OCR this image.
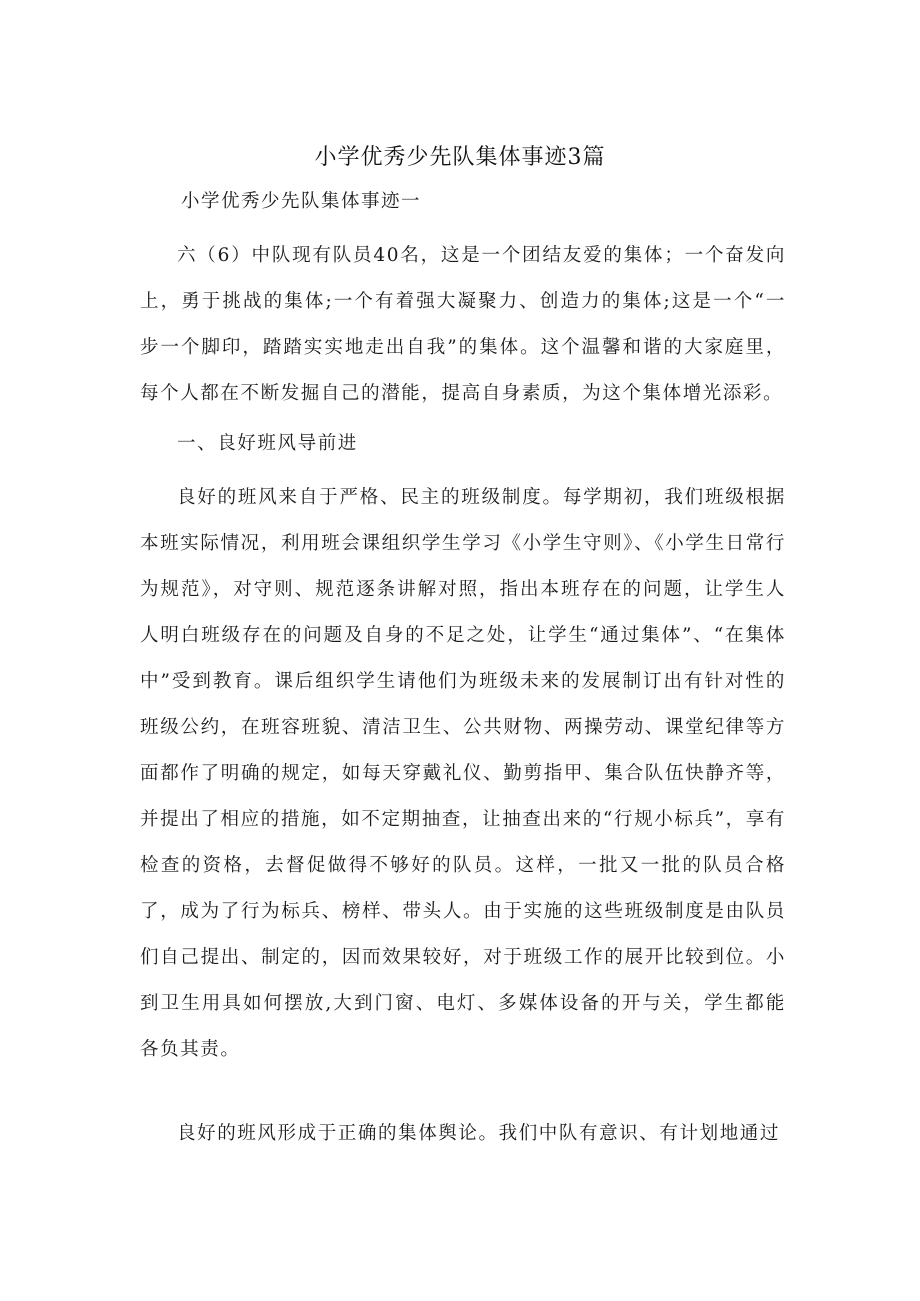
小学优秀少先队集体事迹3篇
小学优秀少先队集体事迹一

六（6）中队现有队员40名，这是一个团结友爱的集体；一个奋发向上，勇于挑战的集体;一个有着强大凝聚力、创造力的集体;这是一个“一步一个脚印，踏踏实实地走出自我”的集体。这个温馨和谐的大家庭里，每个人都在不断发掘自己的潜能，提高自身素质，为这个集体增光添彩。

一、良好班风导前进

良好的班风来自于严格、民主的班级制度。每学期初，我们班级根据本班实际情况，利用班会课组织学生学习《小学生守则》、《小学生日常行为规范》，对守则、规范逐条讲解对照，指出本班存在的问题，让学生人人明白班级存在的问题及自身的不足之处，让学生“通过集体”、“在集体中”受到教育。课后组织学生请他们为班级未来的发展制订出有针对性的班级公约，在班容班貌、清洁卫生、公共财物、两操劳动、课堂纪律等方面都作了明确的规定，如每天穿戴礼仪、勤剪指甲、集合队伍快静齐等，并提出了相应的措施，如不定期抽查，让抽查出来的“行规小标兵”，享有检查的资格，去督促做得不够好的队员。这样，一批又一批的队员合格了，成为了行为标兵、榜样、带头人。由于实施的这些班级制度是由队员们自己提出、制定的，因而效果较好，对于班级工作的展开比较到位。小到卫生用具如何摆放,大到门窗、电灯、多媒体设备的开与关，学生都能各负其责。

良好的班风形成于正确的集体舆论。我们中队有意识、有计划地通过
